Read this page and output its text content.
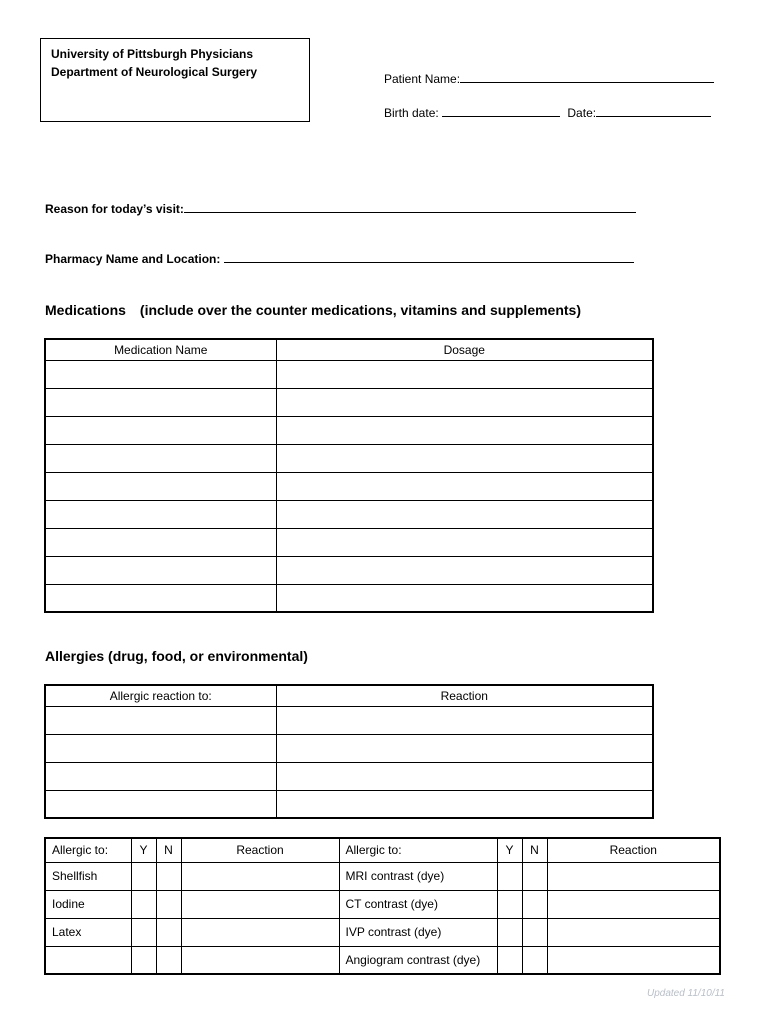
University of Pittsburgh Physicians
Department of Neurological Surgery	Patient Name:
Birth date:	Date:
Reason for today’s visit:
Pharmacy Name and Location:
Medications (include over the counter medications, vitamins and supplements)
Medication Name	Dosage

Allergies (drug, food, or environmental)
Allergic reaction to:	Reaction

Allergic to:	Y	N	Reaction	Allergic to:	Y	N	Reaction
Shellfish				MRI contrast (dye)			
Iodine				CT contrast (dye)			
Latex				IVP contrast (dye)			
				Angiogram contrast (dye)			
Updated 11/10/11
